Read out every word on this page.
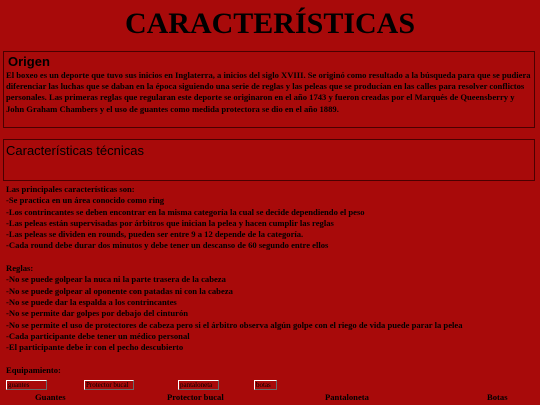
CARACTERÍSTICAS
Origen
El boxeo es un deporte que tuvo sus inicios en Inglaterra, a inicios del siglo XVIII. Se originó como resultado a la búsqueda para que se pudiera diferenciar las luchas que se daban en la época siguiendo una serie de reglas y las peleas que se producían en las calles para resolver conflictos personales. Las primeras reglas que regularan este deporte se originaron en el año 1743 y fueron creadas por el Marqués de Queensberry y John Graham Chambers y el uso de guantes como medida protectora se dio en el año 1889.
Características técnicas
Las principales características son:
-Se practica en un área conocido como ring
-Los contrincantes se deben encontrar en la misma categoría la cual se decide dependiendo el peso
-Las peleas están supervisadas por árbitros que inician la pelea y hacen cumplir las reglas
-Las peleas se dividen en rounds, pueden ser entre 9 a 12 depende de la categoría.
-Cada round debe durar dos minutos y debe tener un descanso de 60 segundo entre ellos
Reglas:
-No se puede golpear la nuca ni la parte trasera de la cabeza
-No se puede golpear al oponente con patadas ni con la cabeza
-No se puede dar la espalda a los contrincantes
-No se permite dar golpes por debajo del cinturón
-No se permite el uso de protectores de cabeza pero si el árbitro observa algún golpe con el riego de vida puede parar la pelea
-Cada participante debe tener un médico personal
-El participante debe ir con el pecho descubierto
Equipamiento:
guantes	Protector bucal	pantaloneta	botas
Guantes	Protector bucal	Pantaloneta	Botas
